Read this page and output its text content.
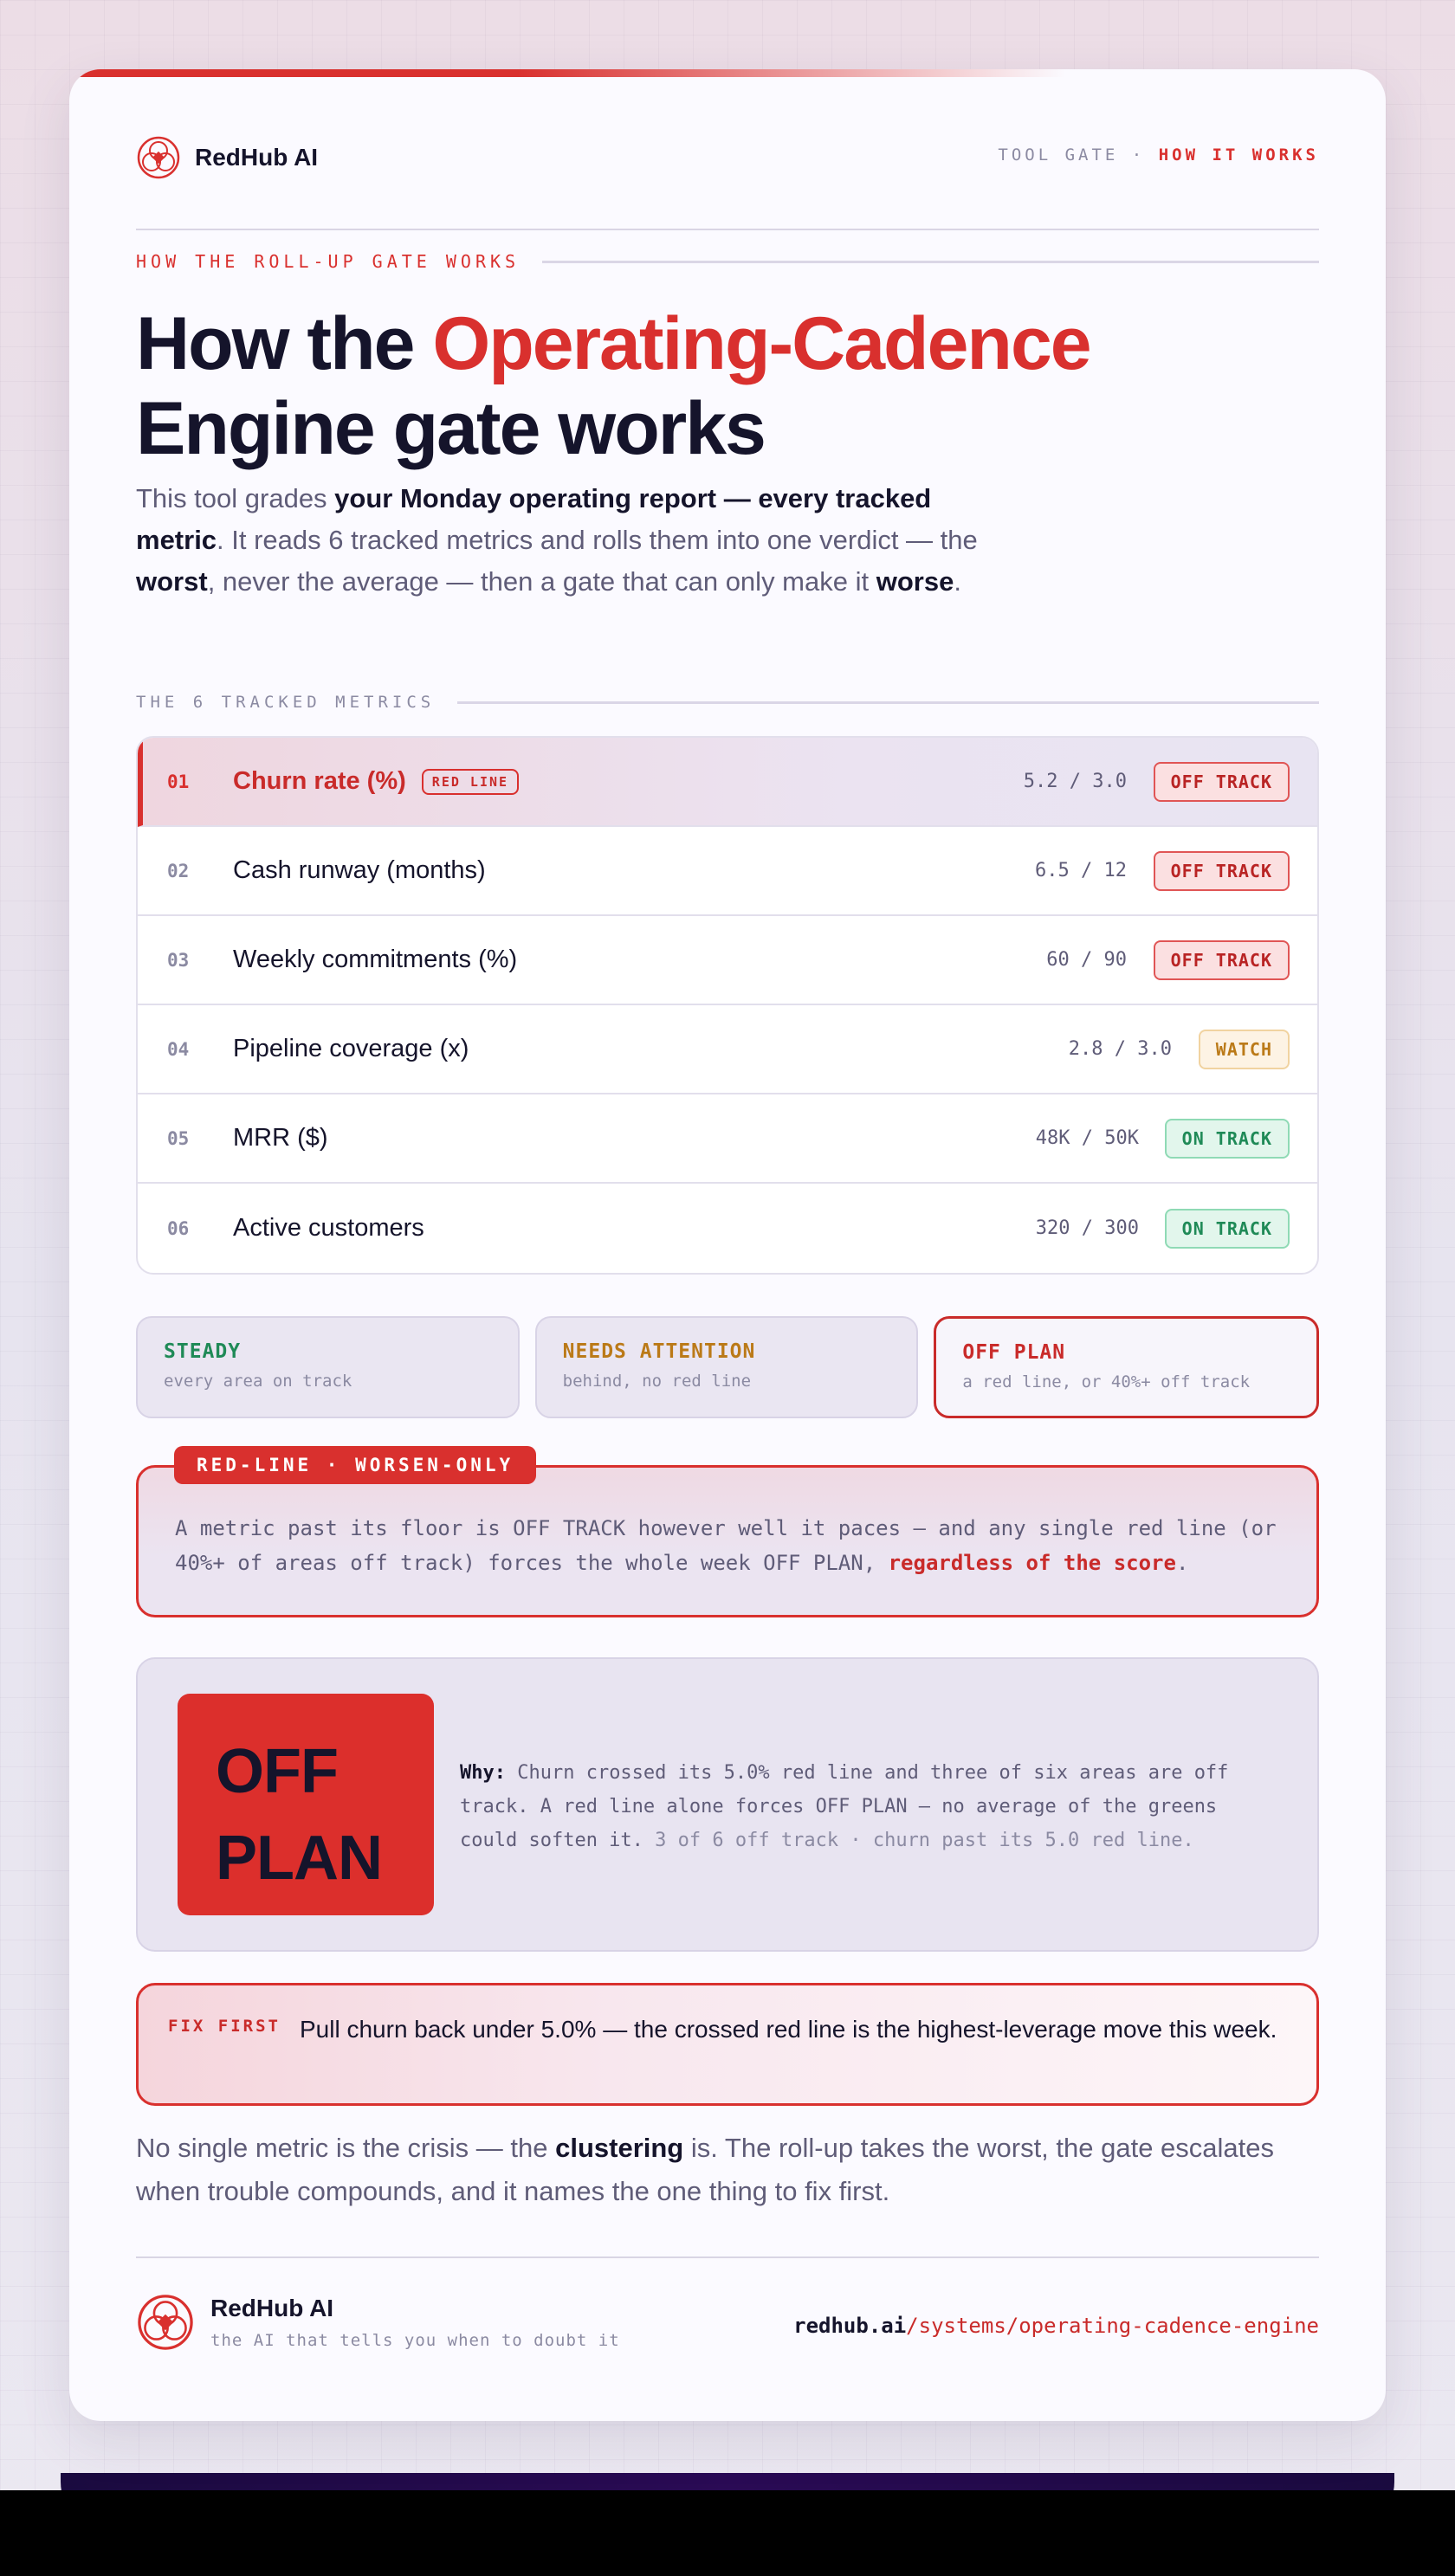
RedHub AI	TOOL GATE · HOW IT WORKS
HOW THE ROLL-UP GATE WORKS
How the Operating-Cadence Engine gate works

This tool grades your Monday operating report — every tracked metric. It reads 6 tracked metrics and rolls them into one verdict — the worst, never the average — then a gate that can only make it worse.

THE 6 TRACKED METRICS
01 Churn rate (%)	RED LINE	5.2 / 3.0	OFF TRACK
02 Cash runway (months)	6.5 / 12	OFF TRACK
03 Weekly commitments (%)	60 / 90	OFF TRACK
04 Pipeline coverage (x)	2.8 / 3.0	WATCH
05 MRR ($)	48K / 50K	ON TRACK
06 Active customers	320 / 300	ON TRACK
STEADY
every area on track
NEEDS ATTENTION
behind, no red line
OFF PLAN
a red line, or 40%+ off track

A metric past its floor is OFF TRACK however well it paces — and any single red line (or 40%+ of areas off track) forces the whole week OFF PLAN, regardless of the score.

RED-LINE · WORSEN-ONLY
OFF
PLAN

Why: Churn crossed its 5.0% red line and three of six areas are off track. A red line alone forces OFF PLAN — no average of the greens could soften it. 3 of 6 off track · churn past its 5.0 red line.

FIX FIRST Pull churn back under 5.0% — the crossed red line is the highest-leverage move this week.

No single metric is the crisis — the clustering is. The roll-up takes the worst, the gate escalates when trouble compounds, and it names the one thing to fix first.

RedHub AI
the AI that tells you when to doubt it
redhub.ai/systems/operating-cadence-engine
